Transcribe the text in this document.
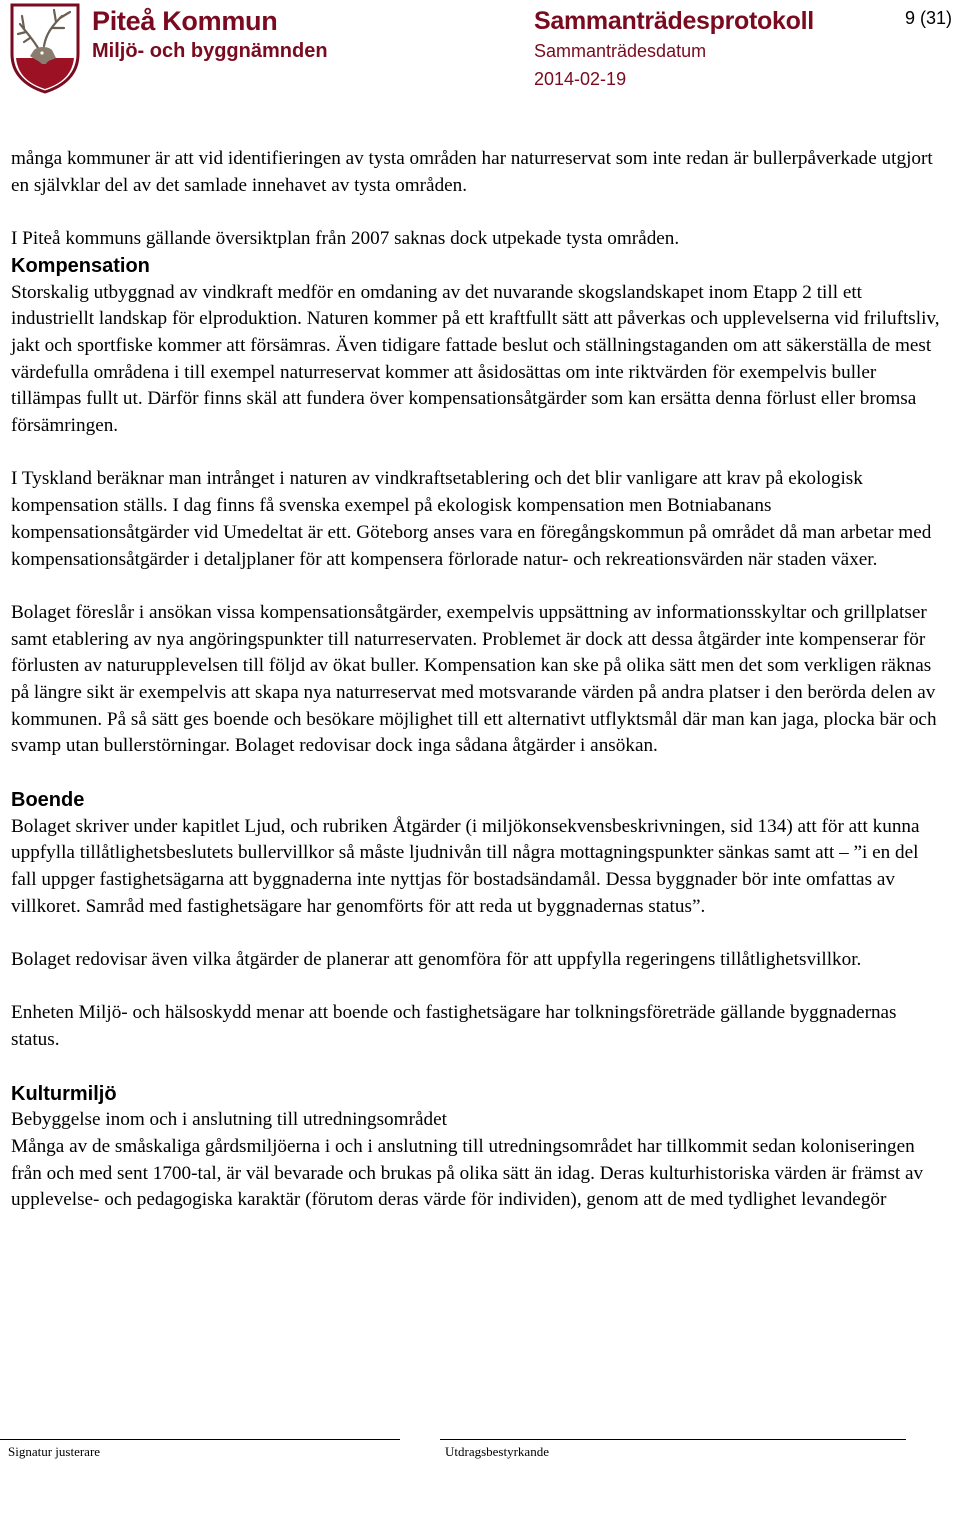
Piteå Kommun
Miljö- och byggnämnden
Sammanträdesprotokoll
Sammanträdesdatum
2014-02-19
9 (31)

många kommuner är att vid identifieringen av tysta områden har naturreservat som inte redan är bullerpåverkade utgjort en självklar del av det samlade innehavet av tysta områden.

I Piteå kommuns gällande översiktplan från 2007 saknas dock utpekade tysta områden.

Kompensation

Storskalig utbyggnad av vindkraft medför en omdaning av det nuvarande skogslandskapet inom Etapp 2 till ett industriellt landskap för elproduktion. Naturen kommer på ett kraftfullt sätt att påverkas och upplevelserna vid friluftsliv, jakt och sportfiske kommer att försämras. Även tidigare fattade beslut och ställningstaganden om att säkerställa de mest värdefulla områdena i till exempel naturreservat kommer att åsidosättas om inte riktvärden för exempelvis buller tillämpas fullt ut. Därför finns skäl att fundera över kompensationsåtgärder som kan ersätta denna förlust eller bromsa försämringen.

I Tyskland beräknar man intrånget i naturen av vindkraftsetablering och det blir vanligare att krav på ekologisk kompensation ställs. I dag finns få svenska exempel på ekologisk kompensation men Botniabanans kompensationsåtgärder vid Umedeltat är ett. Göteborg anses vara en föregångskommun på området då man arbetar med kompensationsåtgärder i detaljplaner för att kompensera förlorade natur- och rekreationsvärden när staden växer.

Bolaget föreslår i ansökan vissa kompensationsåtgärder, exempelvis uppsättning av informationsskyltar och grillplatser samt etablering av nya angöringspunkter till naturreservaten. Problemet är dock att dessa åtgärder inte kompenserar för förlusten av naturupplevelsen till följd av ökat buller. Kompensation kan ske på olika sätt men det som verkligen räknas på längre sikt är exempelvis att skapa nya naturreservat med motsvarande värden på andra platser i den berörda delen av kommunen. På så sätt ges boende och besökare möjlighet till ett alternativt utflyktsmål där man kan jaga, plocka bär och svamp utan bullerstörningar. Bolaget redovisar dock inga sådana åtgärder i ansökan.

Boende

Bolaget skriver under kapitlet Ljud, och rubriken Åtgärder (i miljökonsekvensbeskrivningen, sid 134) att för att kunna uppfylla tillåtlighetsbeslutets bullervillkor så måste ljudnivån till några mottagningspunkter sänkas samt att – ”i en del fall uppger fastighetsägarna att byggnaderna inte nyttjas för bostadsändamål. Dessa byggnader bör inte omfattas av villkoret. Samråd med fastighetsägare har genomförts för att reda ut byggnadernas status”.

Bolaget redovisar även vilka åtgärder de planerar att genomföra för att uppfylla regeringens tillåtlighetsvillkor.

Enheten Miljö- och hälsoskydd menar att boende och fastighetsägare har tolkningsföreträde gällande byggnadernas status.

Kulturmiljö

Bebyggelse inom och i anslutning till utredningsområdet

Många av de småskaliga gårdsmiljöerna i och i anslutning till utredningsområdet har tillkommit sedan koloniseringen från och med sent 1700-tal, är väl bevarade och brukas på olika sätt än idag. Deras kulturhistoriska värden är främst av upplevelse- och pedagogiska karaktär (förutom deras värde för individen), genom att de med tydlighet levandegör

Signatur justerare	Utdragsbestyrkande
